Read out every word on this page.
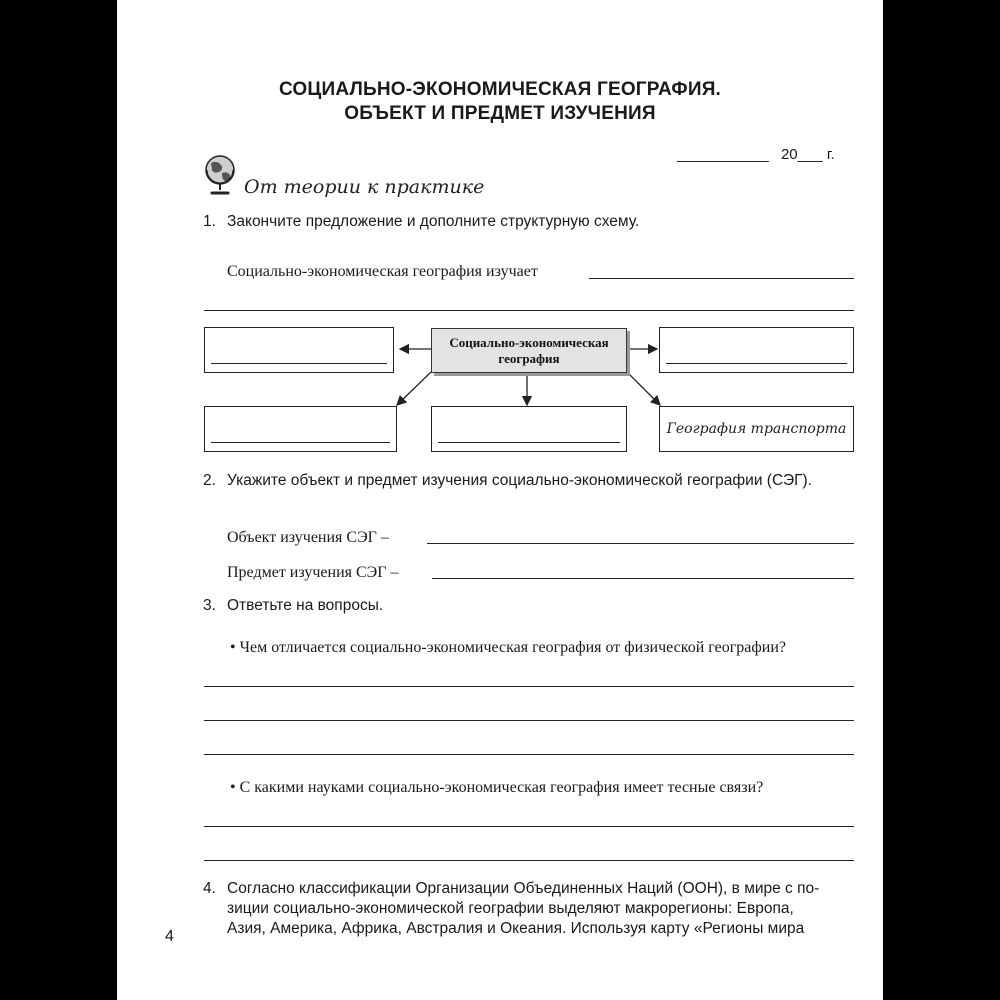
СОЦИАЛЬНО-ЭКОНОМИЧЕСКАЯ ГЕОГРАФИЯ.
ОБЪЕКТ И ПРЕДМЕТ ИЗУЧЕНИЯ
___________ 20___ г.
От теории к практике
1. Закончите предложение и дополните структурную схему.
Социально-экономическая география изучает
Социально-экономическая
география
География транспорта
2. Укажите объект и предмет изучения социально-экономической географии (СЭГ).
Объект изучения СЭГ –
Предмет изучения СЭГ –
3. Ответьте на вопросы.
• Чем отличается социально-экономическая география от физической географии?
• С какими науками социально-экономическая география имеет тесные связи?
4. Согласно классификации Организации Объединенных Наций (ООН), в мире с по-
зиции социально-экономической географии выделяют макрорегионы: Европа,
Азия, Америка, Африка, Австралия и Океания. Используя карту «Регионы мира
4
